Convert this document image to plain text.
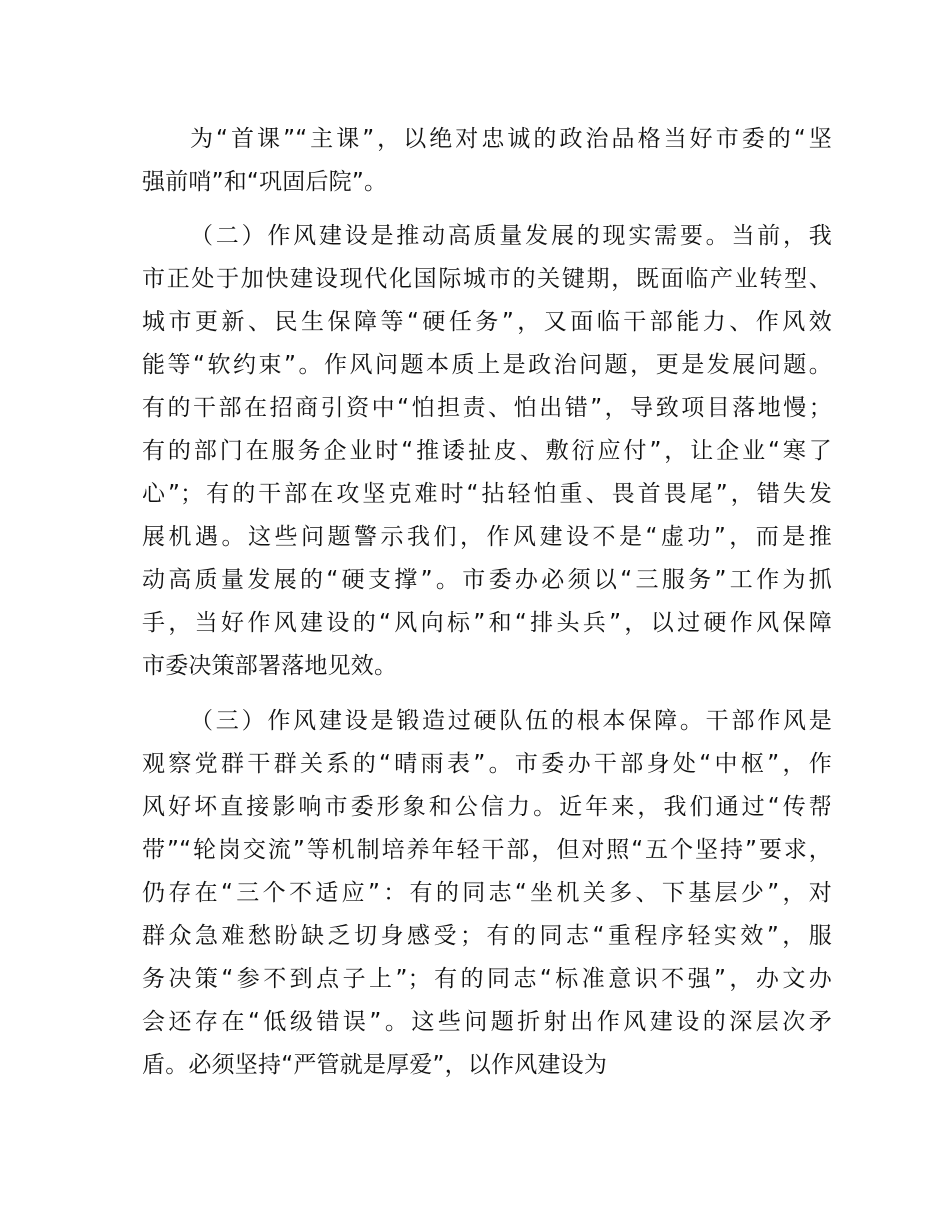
为“首课”“主课”，以绝对忠诚的政治品格当好市委的“坚
强前哨”和“巩固后院”。
（二）作风建设是推动高质量发展的现实需要。当前，我
市正处于加快建设现代化国际城市的关键期，既面临产业转型、
城市更新、民生保障等“硬任务”，又面临干部能力、作风效
能等“软约束”。作风问题本质上是政治问题，更是发展问题。
有的干部在招商引资中“怕担责、怕出错”，导致项目落地慢；
有的部门在服务企业时“推诿扯皮、敷衍应付”，让企业“寒了
心”；有的干部在攻坚克难时“拈轻怕重、畏首畏尾”，错失发
展机遇。这些问题警示我们，作风建设不是“虚功”，而是推
动高质量发展的“硬支撑”。市委办必须以“三服务”工作为抓
手，当好作风建设的“风向标”和“排头兵”，以过硬作风保障
市委决策部署落地见效。
（三）作风建设是锻造过硬队伍的根本保障。干部作风是
观察党群干群关系的“晴雨表”。市委办干部身处“中枢”，作
风好坏直接影响市委形象和公信力。近年来，我们通过“传帮
带”“轮岗交流”等机制培养年轻干部，但对照“五个坚持”要求，
仍存在“三个不适应”：有的同志“坐机关多、下基层少”，对
群众急难愁盼缺乏切身感受；有的同志“重程序轻实效”，服
务决策“参不到点子上”；有的同志“标准意识不强”，办文办
会还存在“低级错误”。这些问题折射出作风建设的深层次矛
盾。必须坚持“严管就是厚爱”，以作风建设为
